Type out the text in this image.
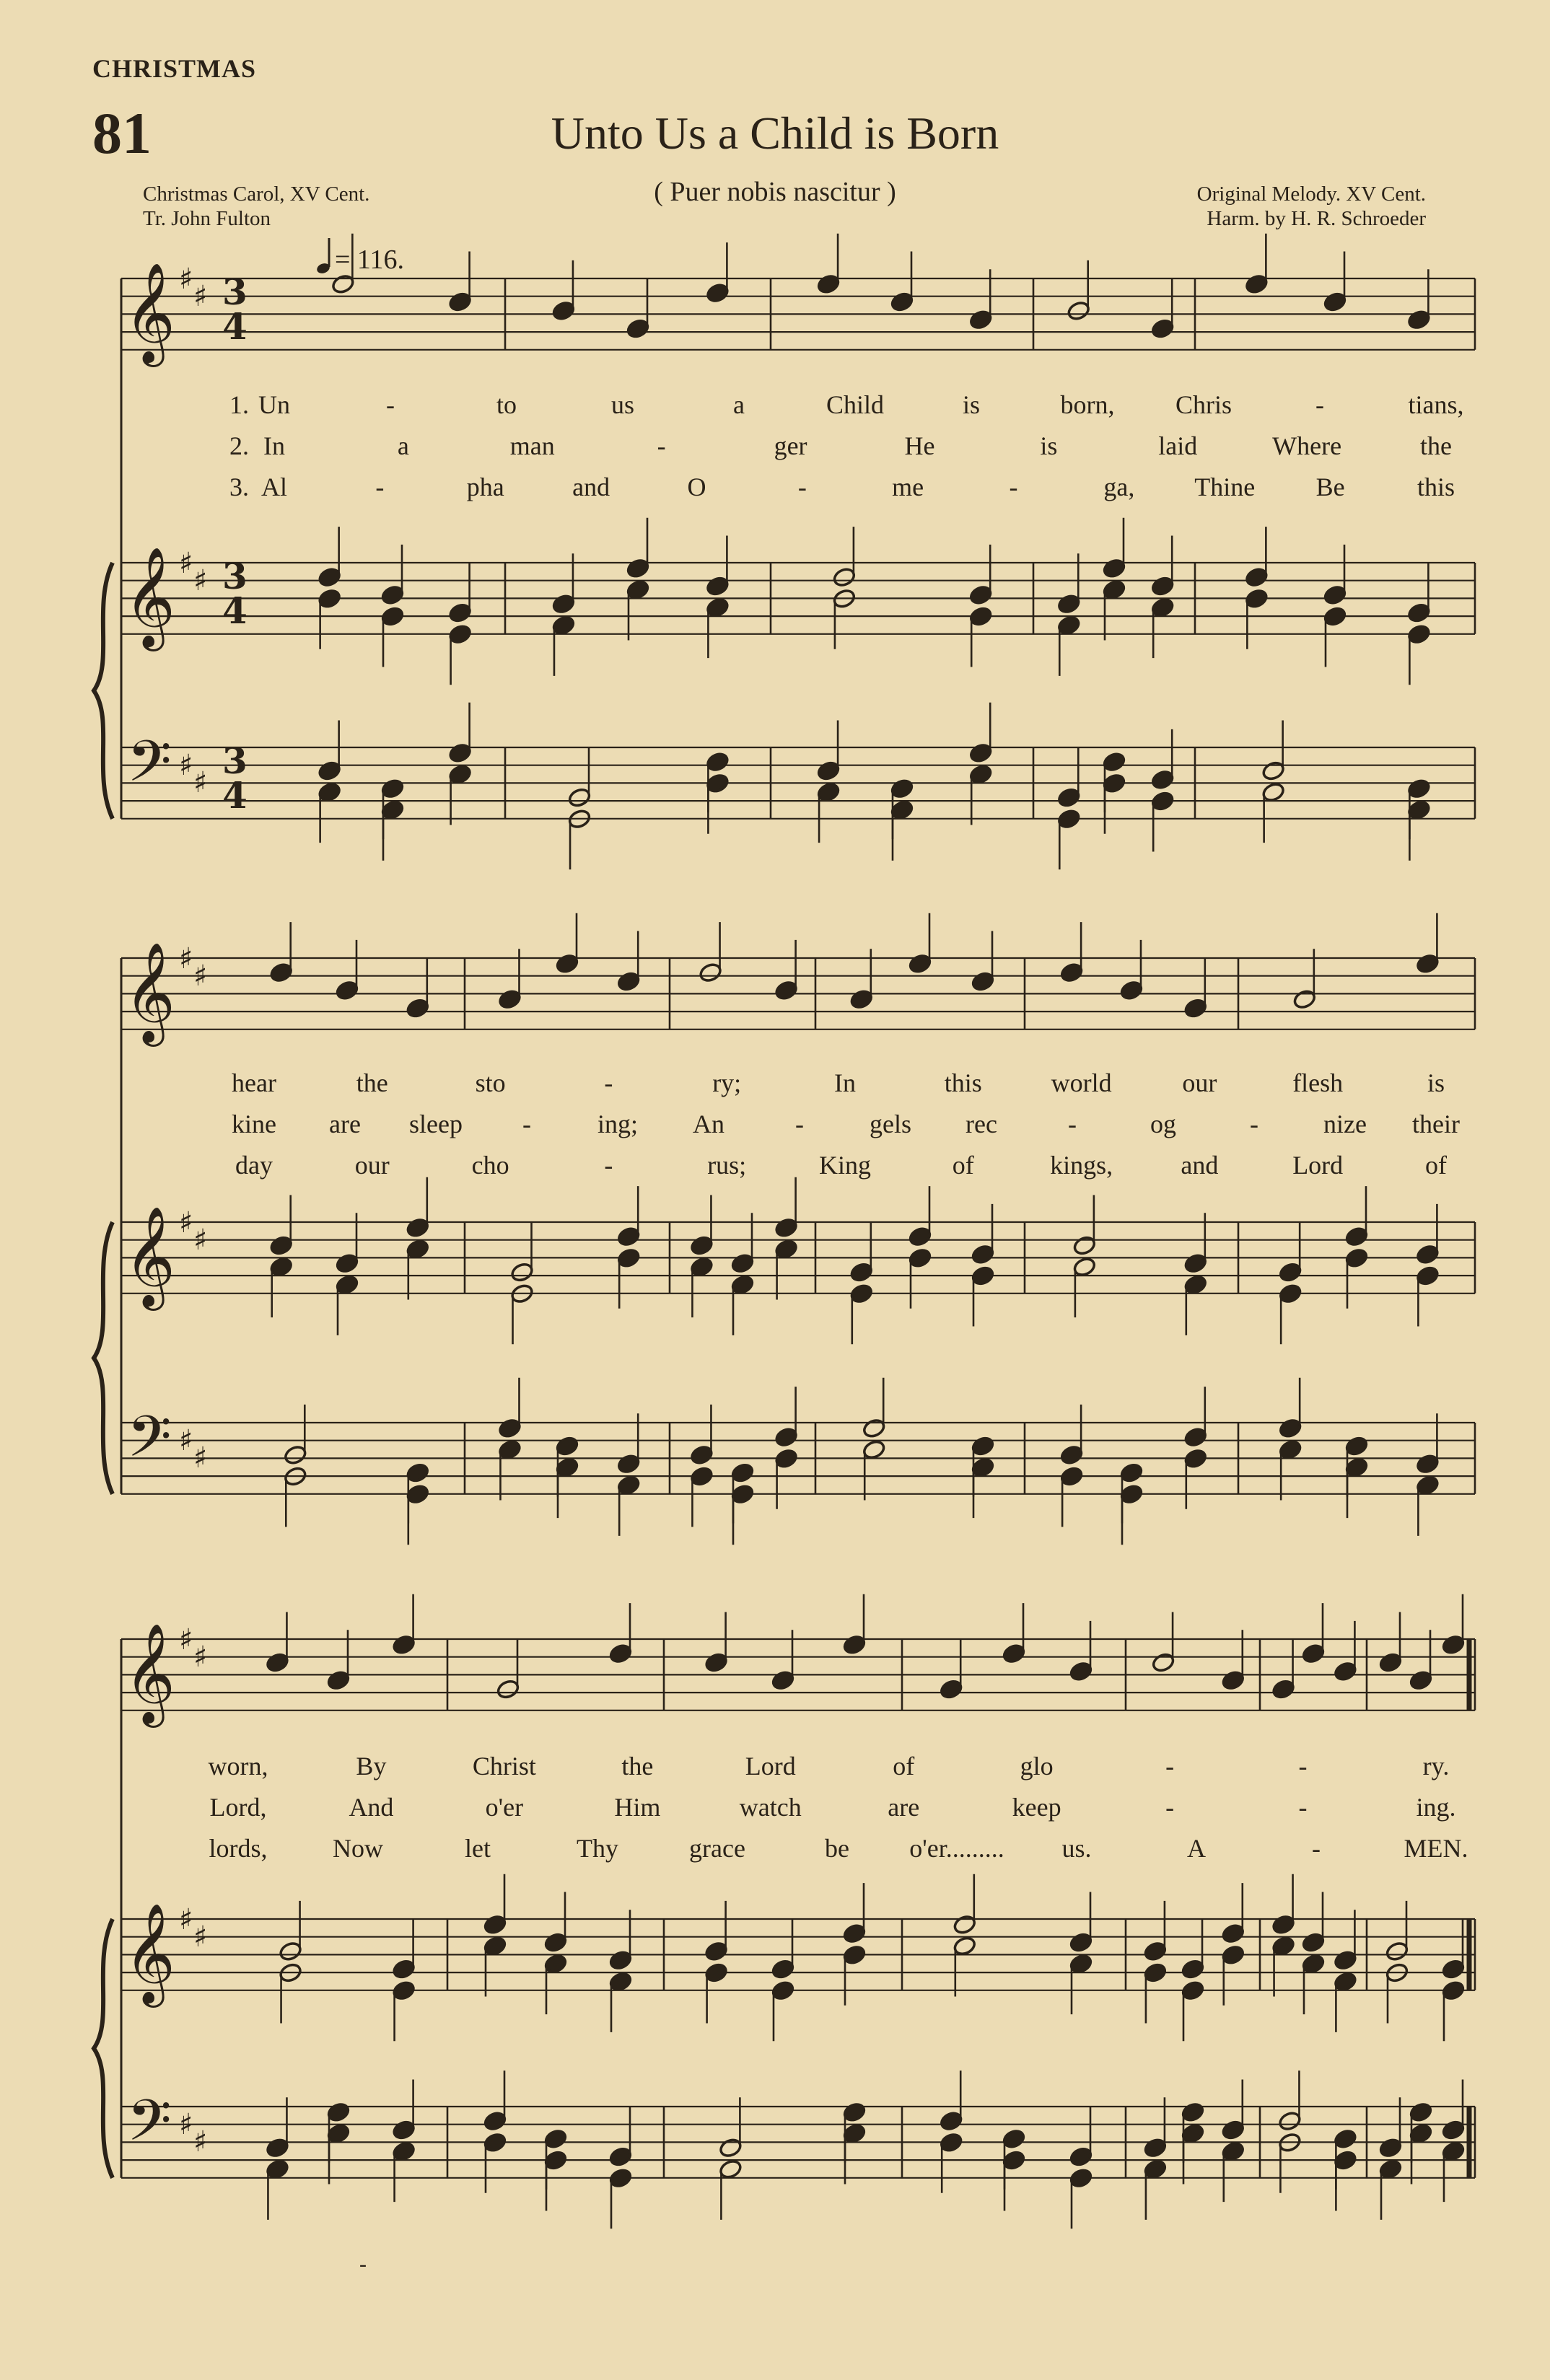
CHRISTMAS
81	Unto Us a Child is Born
( Puer nobis nascitur )
Christmas Carol, XV Cent.
Tr. John Fulton
Original Melody. XV Cent.
Harm. by H. R. Schroeder
= 116.
𝄞 ♯
♯ 3
4
𝄞 ♯
♯ 3
4
𝄢 ♯
♯
3
4
𝄞 ♯
♯
𝄞 ♯
♯
𝄢 ♯
♯
𝄞 ♯
♯
𝄞 ♯
♯
𝄢 ♯
♯
1. Un	-	to	us	a	Child	is	born, Chris	-	tians,
2. In	a	man	-	ger	He	is	laid	Where	the
3. Al	-	pha	and	O	-	me	-	ga, Thine Be	this
hear	the	sto	-	ry;	In	this	world	our	flesh	is
kine are sleep -	ing; An	-	gels rec	-	og	-	nize their
day	our	cho	-	rus;	King	of	kings,	and	Lord	of
worn,	By	Christ	the	Lord	of	glo	-	-	ry.
Lord,	And	o'er	Him	watch	are	keep	-	-	ing.
lords,	Now	let	Thy	grace	be o'er......... us.	A	-	MEN.
-
